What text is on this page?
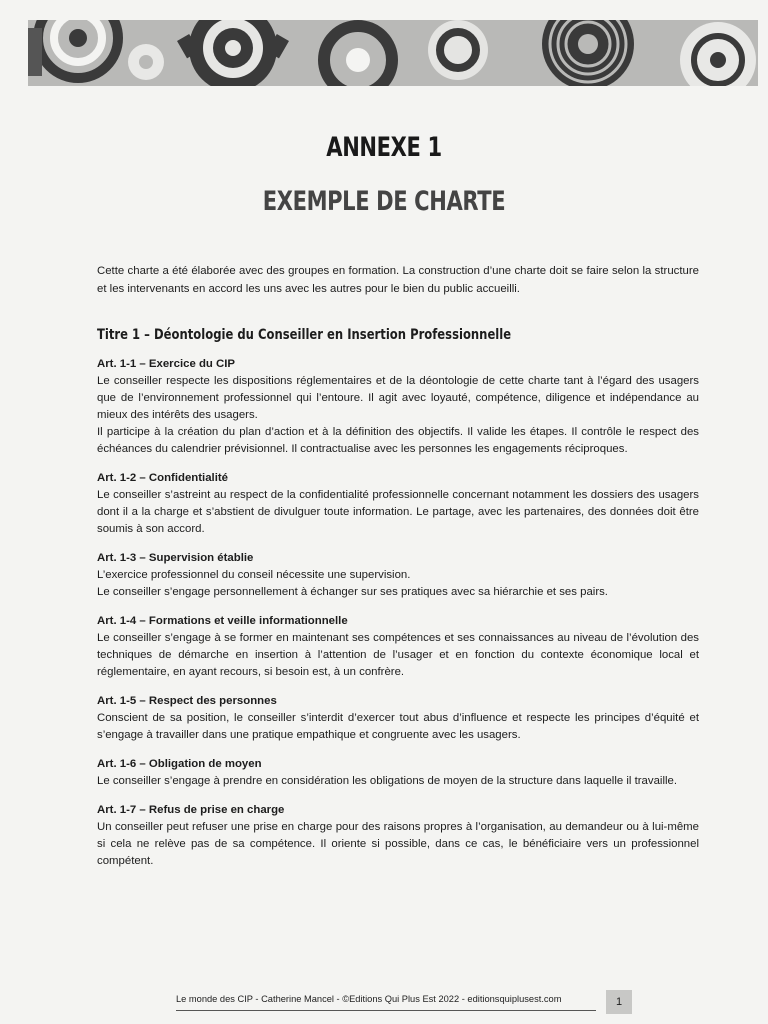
ANNEXE 1
EXEMPLE DE CHARTE

Cette charte a été élaborée avec des groupes en formation. La construction d’une charte doit se faire selon la structure et les intervenants en accord les uns avec les autres pour le bien du public accueilli.

Titre 1 – Déontologie du Conseiller en Insertion Professionnelle

Art. 1-1 – Exercice du CIP

Le conseiller respecte les dispositions réglementaires et de la déontologie de cette charte tant à l’égard des usagers que de l’environnement professionnel qui l’entoure. Il agit avec loyauté, compétence, diligence et indépendance au mieux des intérêts des usagers.

Il participe à la création du plan d’action et à la définition des objectifs. Il valide les étapes. Il contrôle le respect des échéances du calendrier prévisionnel. Il contractualise avec les personnes les engagements réciproques.

Art. 1-2 – Confidentialité

Le conseiller s’astreint au respect de la confidentialité professionnelle concernant notamment les dossiers des usagers dont il a la charge et s’abstient de divulguer toute information. Le partage, avec les partenaires, des données doit être soumis à son accord.

Art. 1-3 – Supervision établie

L’exercice professionnel du conseil nécessite une supervision.

Le conseiller s’engage personnellement à échanger sur ses pratiques avec sa hiérarchie et ses pairs.

Art. 1-4 – Formations et veille informationnelle

Le conseiller s’engage à se former en maintenant ses compétences et ses connaissances au niveau de l’évolution des techniques de démarche en insertion à l’attention de l’usager et en fonction du contexte économique local et réglementaire, en ayant recours, si besoin est, à un confrère.

Art. 1-5 – Respect des personnes

Conscient de sa position, le conseiller s’interdit d’exercer tout abus d’influence et respecte les principes d’équité et s’engage à travailler dans une pratique empathique et congruente avec les usagers.

Art. 1-6 – Obligation de moyen

Le conseiller s’engage à prendre en considération les obligations de moyen de la structure dans laquelle il travaille.

Art. 1-7 – Refus de prise en charge

Un conseiller peut refuser une prise en charge pour des raisons propres à l’organisation, au demandeur ou à lui-même si cela ne relève pas de sa compétence. Il oriente si possible, dans ce cas, le bénéficiaire vers un professionnel compétent.

Le monde des CIP - Catherine Mancel - ©Editions Qui Plus Est 2022 - editionsquiplusest.com	1
